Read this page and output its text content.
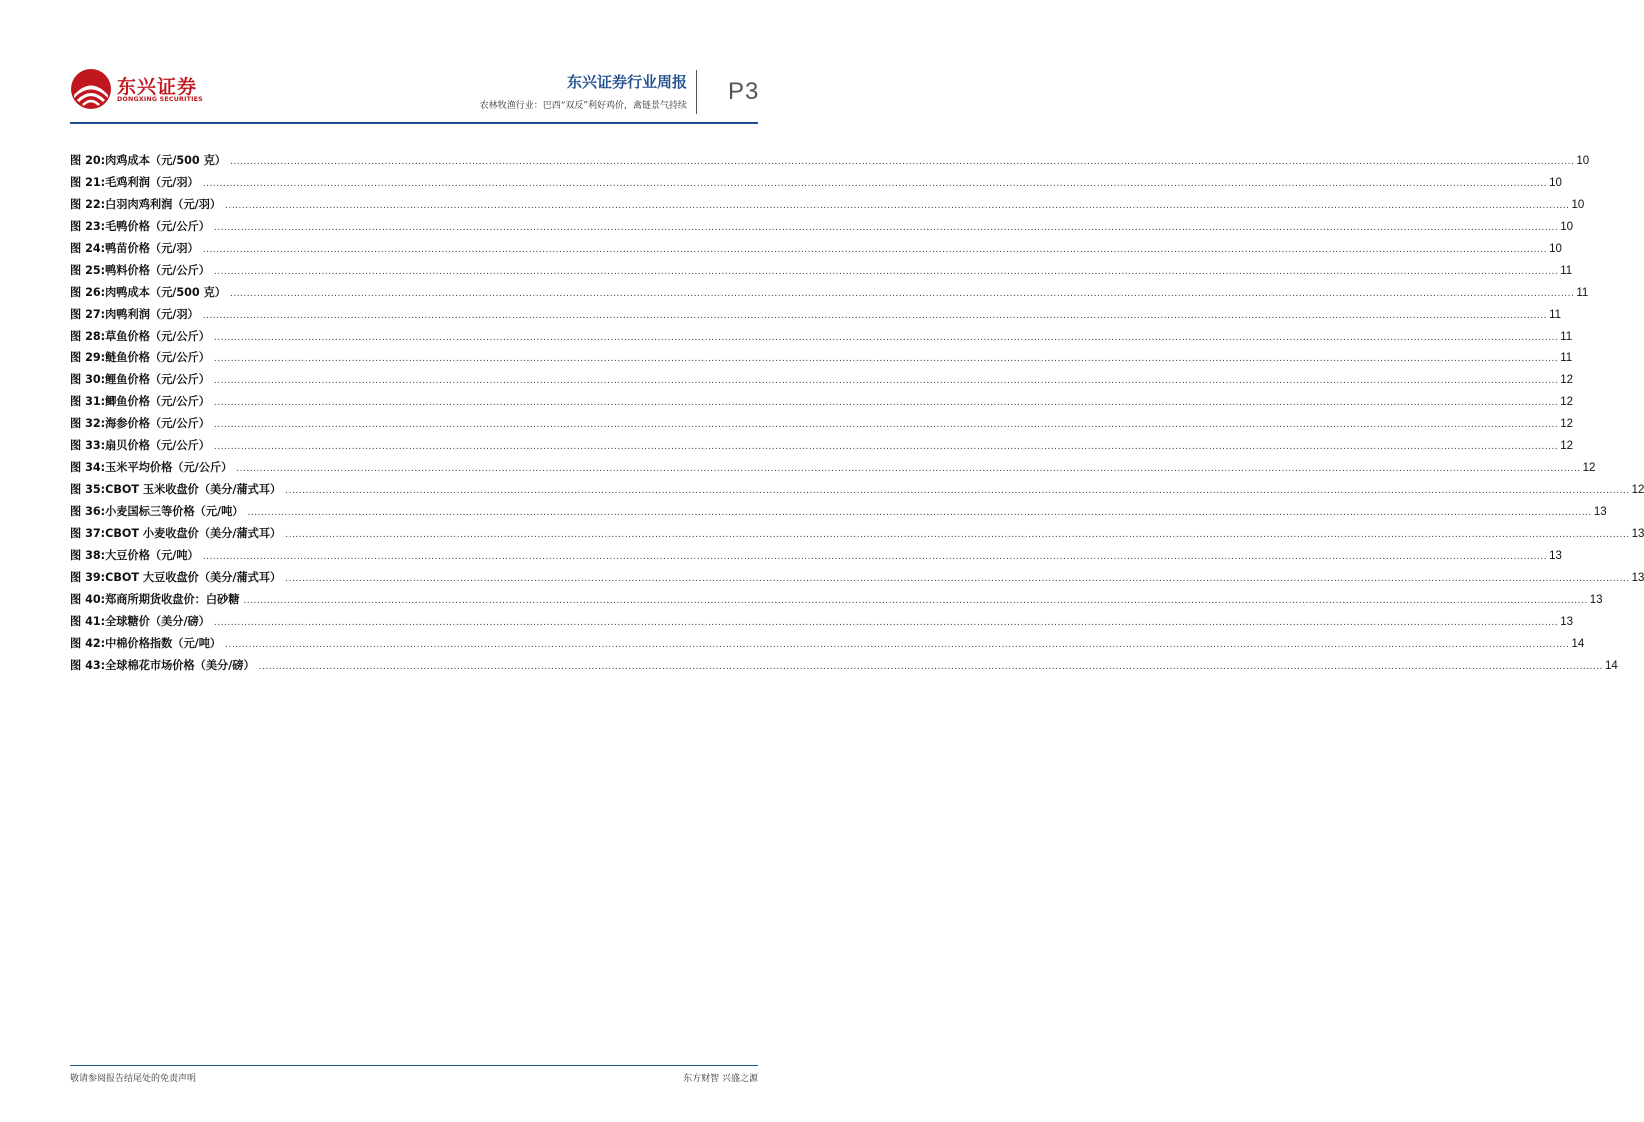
东兴证券
DONGXING SECURITIES
东兴证券行业周报
农林牧渔行业：巴西“双反”利好鸡价，禽链景气持续
P3
图 20:肉鸡成本（元/500 克） ................................................................................................................................................................................................................................................................................................................................................................................................................ 10
图 21:毛鸡利润（元/羽） ................................................................................................................................................................................................................................................................................................................................................................................................................ 10
图 22:白羽肉鸡利润（元/羽） ................................................................................................................................................................................................................................................................................................................................................................................................................ 10
图 23:毛鸭价格（元/公斤） ................................................................................................................................................................................................................................................................................................................................................................................................................ 10
图 24:鸭苗价格（元/羽） ................................................................................................................................................................................................................................................................................................................................................................................................................ 10
图 25:鸭料价格（元/公斤） ................................................................................................................................................................................................................................................................................................................................................................................................................ 11
图 26:肉鸭成本（元/500 克） ................................................................................................................................................................................................................................................................................................................................................................................................................ 11
图 27:肉鸭利润（元/羽） ................................................................................................................................................................................................................................................................................................................................................................................................................ 11
图 28:草鱼价格（元/公斤） ................................................................................................................................................................................................................................................................................................................................................................................................................ 11
图 29:鲢鱼价格（元/公斤） ................................................................................................................................................................................................................................................................................................................................................................................................................ 11
图 30:鲤鱼价格（元/公斤） ................................................................................................................................................................................................................................................................................................................................................................................................................ 12
图 31:鲫鱼价格（元/公斤） ................................................................................................................................................................................................................................................................................................................................................................................................................ 12
图 32:海参价格（元/公斤） ................................................................................................................................................................................................................................................................................................................................................................................................................ 12
图 33:扇贝价格（元/公斤） ................................................................................................................................................................................................................................................................................................................................................................................................................ 12
图 34:玉米平均价格（元/公斤） ................................................................................................................................................................................................................................................................................................................................................................................................................ 12
图 35:CBOT 玉米收盘价（美分/蒲式耳） ................................................................................................................................................................................................................................................................................................................................................................................................................ 12
图 36:小麦国标三等价格（元/吨） ................................................................................................................................................................................................................................................................................................................................................................................................................ 13
图 37:CBOT 小麦收盘价（美分/蒲式耳） ................................................................................................................................................................................................................................................................................................................................................................................................................ 13
图 38:大豆价格（元/吨） ................................................................................................................................................................................................................................................................................................................................................................................................................ 13
图 39:CBOT 大豆收盘价（美分/蒲式耳） ................................................................................................................................................................................................................................................................................................................................................................................................................ 13
图 40:郑商所期货收盘价：白砂糖 ................................................................................................................................................................................................................................................................................................................................................................................................................ 13
图 41:全球糖价（美分/磅） ................................................................................................................................................................................................................................................................................................................................................................................................................ 13
图 42:中棉价格指数（元/吨） ................................................................................................................................................................................................................................................................................................................................................................................................................ 14
图 43:全球棉花市场价格（美分/磅） ................................................................................................................................................................................................................................................................................................................................................................................................................ 14
敬请参阅报告结尾处的免责声明	东方财智 兴盛之源
